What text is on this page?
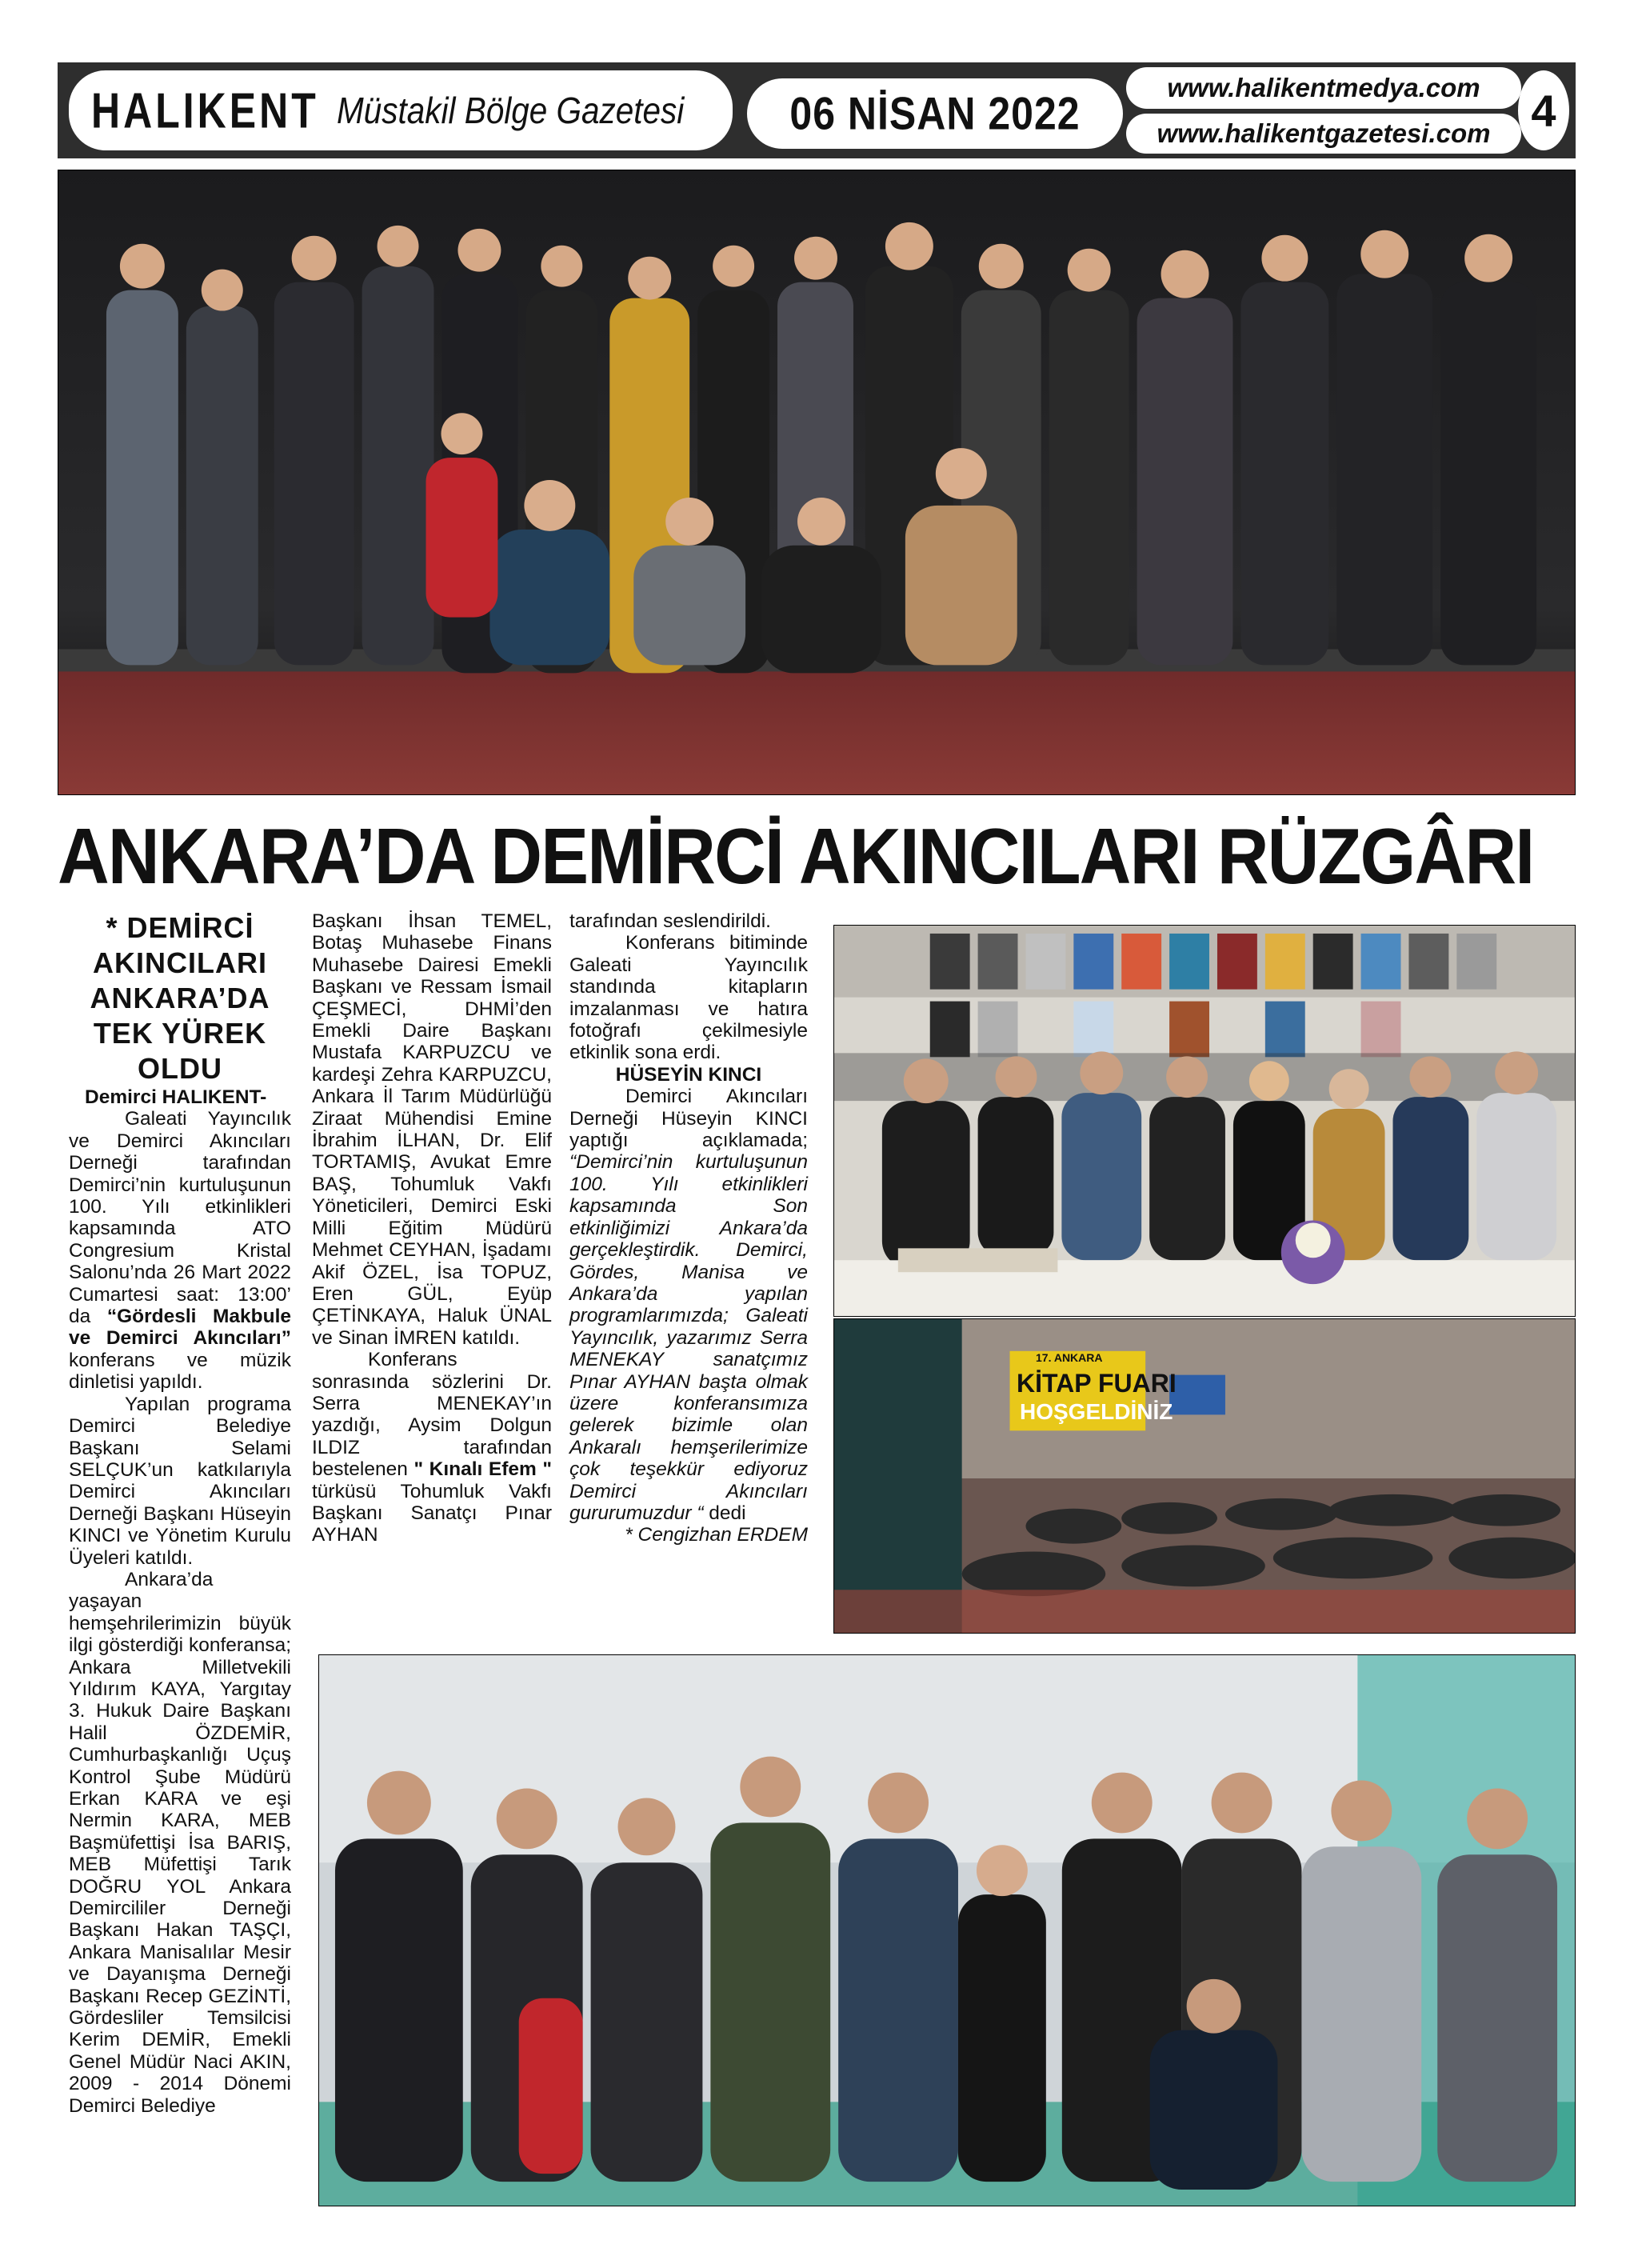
HALIKENT Müstakil Bölge Gazetesi	06 NİSAN 2022
www.halikentmedya.com
www.halikentgazetesi.com 4
ANKARA’DA DEMİRCİ AKINCILARI RÜZGÂRI
* DEMİRCİ AKINCILARI ANKARA’DA TEK YÜREK OLDU

Demirci HALIKENT-

Galeati Yayıncılık ve Demirci Akıncıları Derneği tarafından Demirci’nin kurtuluşunun 100. Yılı etkinlikleri kapsamında ATO Congresium Kristal Salonu’nda 26 Mart 2022 Cumartesi saat: 13:00’ da “Gördesli Makbule ve Demirci Akıncıları” konferans ve müzik dinletisi yapıldı.

Yapılan programa Demirci Belediye Başkanı Selami SELÇUK’un katkılarıyla Demirci Akıncıları Derneği Başkanı Hüseyin KINCI ve Yönetim Kurulu Üyeleri katıldı.

Ankara’da yaşayan hemşehrilerimizin büyük ilgi gösterdiği konferansa; Ankara Milletvekili Yıldırım KAYA, Yargıtay 3. Hukuk Daire Başkanı Halil ÖZDEMİR, Cumhurbaşkanlığı Uçuş Kontrol Şube Müdürü Erkan KARA ve eşi Nermin KARA, MEB Başmüfettişi İsa BARIŞ, MEB Müfettişi Tarık DOĞRU YOL Ankara Demircililer Derneği Başkanı Hakan TAŞÇI, Ankara Manisalılar Mesir ve Dayanışma Derneği Başkanı Recep GEZİNTİ, Gördesliler Temsilcisi Kerim DEMİR, Emekli Genel Müdür Naci AKIN, 2009 - 2014 Dönemi Demirci Belediye

Başkanı İhsan TEMEL, Botaş Muhasebe Finans Muhasebe Dairesi Emekli Başkanı ve Ressam İsmail ÇEŞMECİ, DHMİ’den Emekli Daire Başkanı Mustafa KARPUZCU ve kardeşi Zehra KARPUZCU, Ankara İl Tarım Müdürlüğü Ziraat Mühendisi Emine İbrahim İLHAN, Dr. Elif TORTAMIŞ, Avukat Emre BAŞ, Tohumluk Vakfı Yöneticileri, Demirci Eski Milli Eğitim Müdürü Mehmet CEYHAN, İşadamı Akif ÖZEL, İsa TOPUZ, Eren GÜL, Eyüp ÇETİNKAYA, Haluk ÜNAL ve Sinan İMREN katıldı.

Konferans sonrasında sözlerini Dr. Serra MENEKAY’ın yazdığı, Aysim Dolgun ILDIZ tarafından bestelenen " Kınalı Efem " türküsü Tohumluk Vakfı Başkanı Sanatçı Pınar AYHAN

tarafından seslendirildi.

Konferans bitiminde Galeati Yayıncılık standında kitapların imzalanması ve hatıra fotoğrafı çekilmesiyle etkinlik sona erdi.

HÜSEYİN KINCI

Demirci Akıncıları Derneği Hüseyin KINCI yaptığı açıklamada; “Demirci’nin kurtuluşunun 100. Yılı etkinlikleri kapsamında Son etkinliğimizi Ankara’da gerçekleştirdik. Demirci, Gördes, Manisa ve Ankara’da yapılan programlarımızda; Galeati Yayıncılık, yazarımız Serra MENEKAY sanatçımız Pınar AYHAN başta olmak üzere konferansımıza gelerek bizimle olan Ankaralı hemşerilerimize çok teşekkür ediyoruz Demirci Akıncıları gururumuzdur “ dedi

* Cengizhan ERDEM

17. ANKARA
KİTAP FUARI
HOŞGELDİNİZ
